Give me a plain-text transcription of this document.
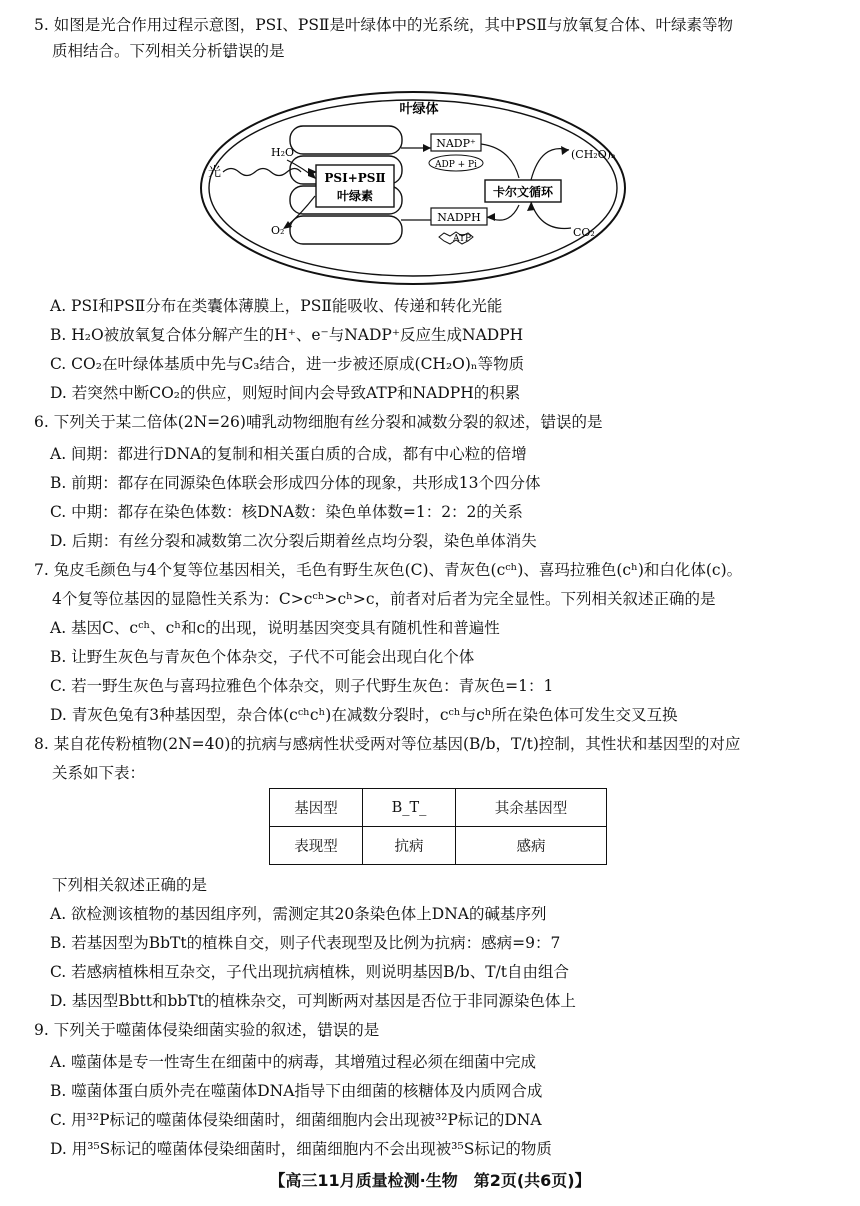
5. 如图是光合作用过程示意图，PSⅠ、PSⅡ是叶绿体中的光系统，其中PSⅡ与放氧复合体、叶绿素等物
质相结合。下列相关分析错误 • •的是
叶绿体
PSⅠ+PSⅡ
叶绿素
光
H₂O
O₂
NADP⁺
ADP + Pi
NADPH
ATP
卡尔文循环
(CH₂O)ₙ
CO₂
A. PSⅠ和PSⅡ分布在类囊体薄膜上，PSⅡ能吸收、传递和转化光能
B. H₂O被放氧复合体分解产生的H⁺、e⁻与NADP⁺反应生成NADPH
C. CO₂在叶绿体基质中先与C₃结合，进一步被还原成(CH₂O)ₙ等物质
D. 若突然中断CO₂的供应，则短时间内会导致ATP和NADPH的积累
6. 下列关于某二倍体(2N=26)哺乳动物细胞有丝分裂和减数分裂的叙述，错误 • •的是
A. 间期：都进行DNA的复制和相关蛋白质的合成，都有中心粒的倍增
B. 前期：都存在同源染色体联会形成四分体的现象，共形成13个四分体
C. 中期：都存在染色体数：核DNA数：染色单体数=1：2：2的关系
D. 后期：有丝分裂和减数第二次分裂后期着丝点均分裂，染色单体消失
7. 兔皮毛颜色与4个复等位基因相关，毛色有野生灰色(C)、青灰色(cᶜʰ)、喜玛拉雅色(cʰ)和白化体(c)。
4个复等位基因的显隐性关系为：C>cᶜʰ>cʰ>c，前者对后者为完全显性。下列相关叙述正确的是
A. 基因C、cᶜʰ、cʰ和c的出现，说明基因突变具有随机性和普遍性
B. 让野生灰色与青灰色个体杂交，子代不可能会出现白化个体
C. 若一野生灰色与喜玛拉雅色个体杂交，则子代野生灰色：青灰色=1：1
D. 青灰色兔有3种基因型，杂合体(cᶜʰcʰ)在减数分裂时，cᶜʰ与cʰ所在染色体可发生交叉互换
8. 某自花传粉植物(2N=40)的抗病与感病性状受两对等位基因(B/b，T/t)控制，其性状和基因型的对应
关系如下表：
基因型	B_T_	其余基因型
表现型	抗病	感病
下列相关叙述正确的是
A. 欲检测该植物的基因组序列，需测定其20条染色体上DNA的碱基序列
B. 若基因型为BbTt的植株自交，则子代表现型及比例为抗病：感病=9：7
C. 若感病植株相互杂交，子代出现抗病植株，则说明基因B/b、T/t自由组合
D. 基因型Bbtt和bbTt的植株杂交，可判断两对基因是否位于非同源染色体上
9. 下列关于噬菌体侵染细菌实验的叙述，错误 • •的是
A. 噬菌体是专一性寄生在细菌中的病毒，其增殖过程必须在细菌中完成
B. 噬菌体蛋白质外壳在噬菌体DNA指导下由细菌的核糖体及内质网合成
C. 用³²P标记的噬菌体侵染细菌时，细菌细胞内会出现被³²P标记的DNA
D. 用³⁵S标记的噬菌体侵染细菌时，细菌细胞内不会出现被³⁵S标记的物质
【高三11月质量检测·生物　第2页(共6页)】
